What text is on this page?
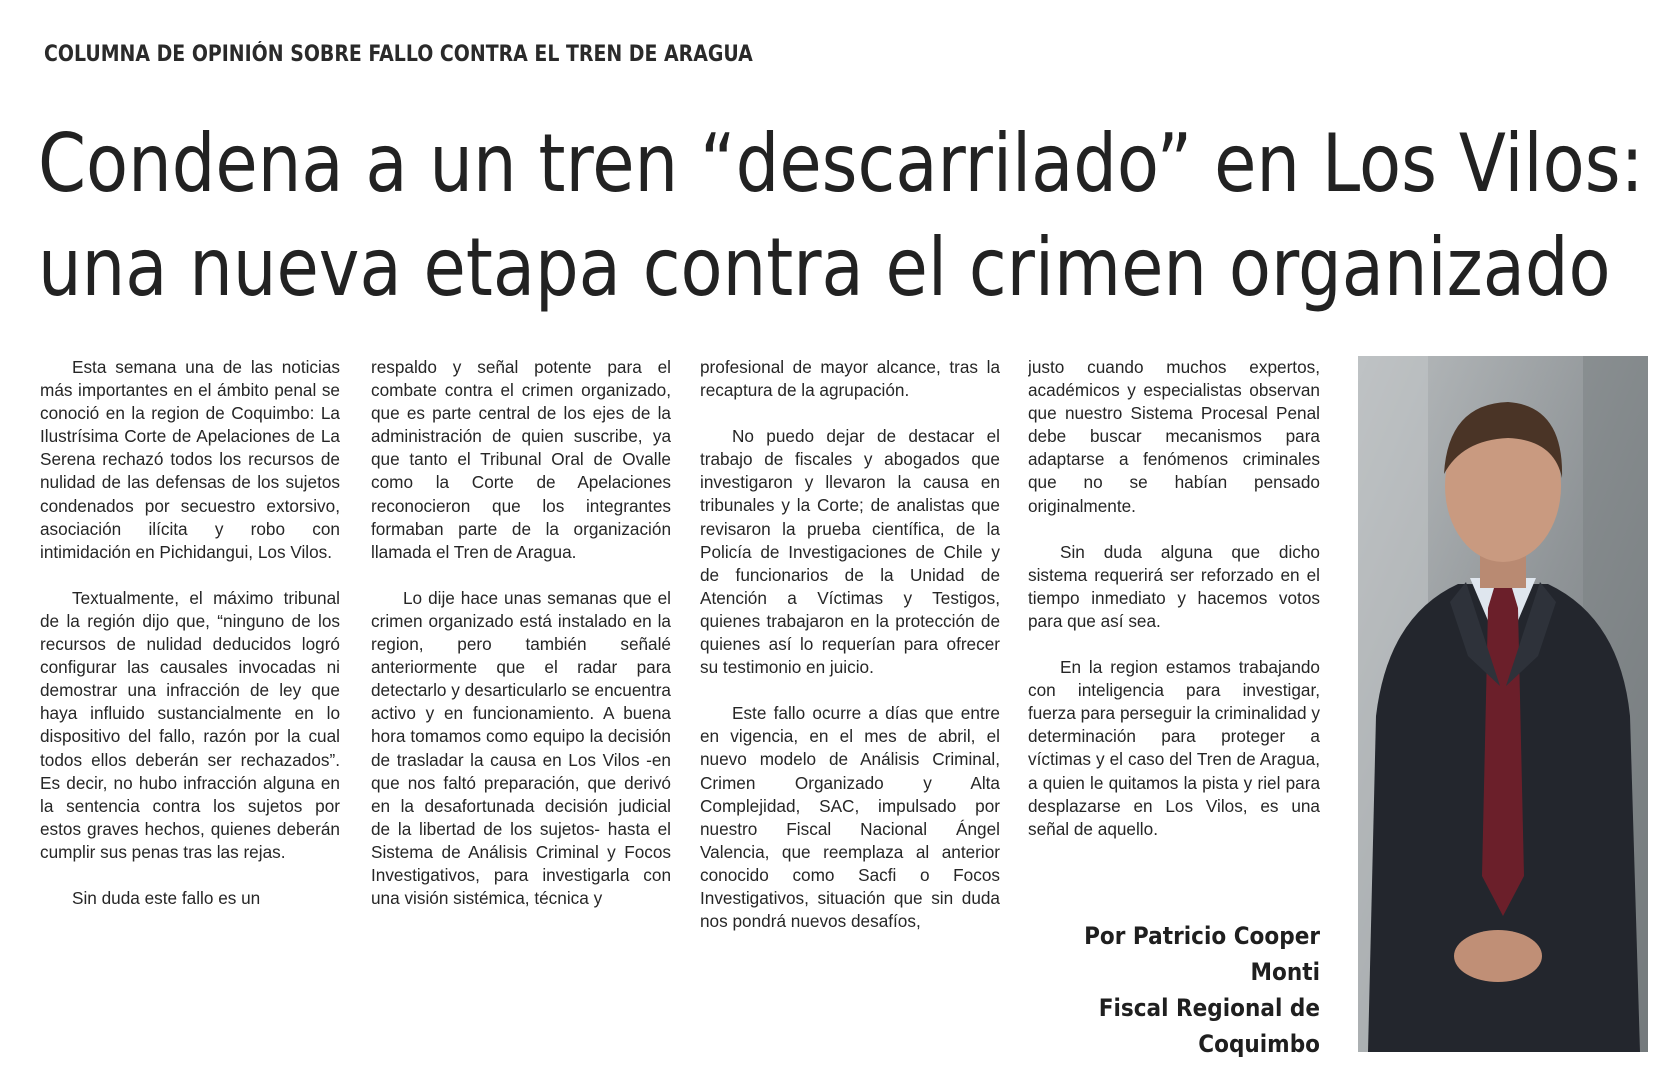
COLUMNA DE OPINIÓN SOBRE FALLO CONTRA EL TREN DE ARAGUA
Condena a un tren “descarrilado” en Los Vilos:
una nueva etapa contra el crimen organizado

Esta semana una de las noticias más importantes en el ámbito penal se conoció en la region de Coquimbo: La Ilustrísima Corte de Apelaciones de La Serena rechazó todos los recursos de nulidad de las defensas de los sujetos condenados por secuestro extorsivo, asociación ilícita y robo con intimidación en Pichidangui, Los Vilos.

Textualmente, el máximo tribunal de la región dijo que, “ninguno de los recursos de nulidad deducidos logró configurar las causales invocadas ni demostrar una infracción de ley que haya influido sustancialmente en lo dispositivo del fallo, razón por la cual todos ellos deberán ser rechazados”. Es decir, no hubo infracción alguna en la sentencia contra los sujetos por estos graves hechos, quienes deberán cumplir sus penas tras las rejas.

Sin duda este fallo es un

respaldo y señal potente para el combate contra el crimen organizado, que es parte central de los ejes de la administración de quien suscribe, ya que tanto el Tribunal Oral de Ovalle como la Corte de Apelaciones reconocieron que los integrantes formaban parte de la organización llamada el Tren de Aragua.

Lo dije hace unas semanas que el crimen organizado está instalado en la region, pero también señalé anteriormente que el radar para detectarlo y desarticularlo se encuentra activo y en funcionamiento. A buena hora tomamos como equipo la decisión de trasladar la causa en Los Vilos -en que nos faltó preparación, que derivó en la desafortunada decisión judicial de la libertad de los sujetos- hasta el Sistema de Análisis Criminal y Focos Investigativos, para investigarla con una visión sistémica, técnica y

profesional de mayor alcance, tras la recaptura de la agrupación.

No puedo dejar de destacar el trabajo de fiscales y abogados que investigaron y llevaron la causa en tribunales y la Corte; de analistas que revisaron la prueba científica, de la Policía de Investigaciones de Chile y de funcionarios de la Unidad de Atención a Víctimas y Testigos, quienes trabajaron en la protección de quienes así lo requerían para ofrecer su testimonio en juicio.

Este fallo ocurre a días que entre en vigencia, en el mes de abril, el nuevo modelo de Análisis Criminal, Crimen Organizado y Alta Complejidad, SAC, impulsado por nuestro Fiscal Nacional Ángel Valencia, que reemplaza al anterior conocido como Sacfi o Focos Investigativos, situación que sin duda nos pondrá nuevos desafíos,

justo cuando muchos expertos, académicos y especialistas observan que nuestro Sistema Procesal Penal debe buscar mecanismos para adaptarse a fenómenos criminales que no se habían pensado originalmente.

Sin duda alguna que dicho sistema requerirá ser reforzado en el tiempo inmediato y hacemos votos para que así sea.

En la region estamos trabajando con inteligencia para investigar, fuerza para perseguir la criminalidad y determinación para proteger a víctimas y el caso del Tren de Aragua, a quien le quitamos la pista y riel para desplazarse en Los Vilos, es una señal de aquello.

Por Patricio Cooper
Monti
Fiscal Regional de
Coquimbo
